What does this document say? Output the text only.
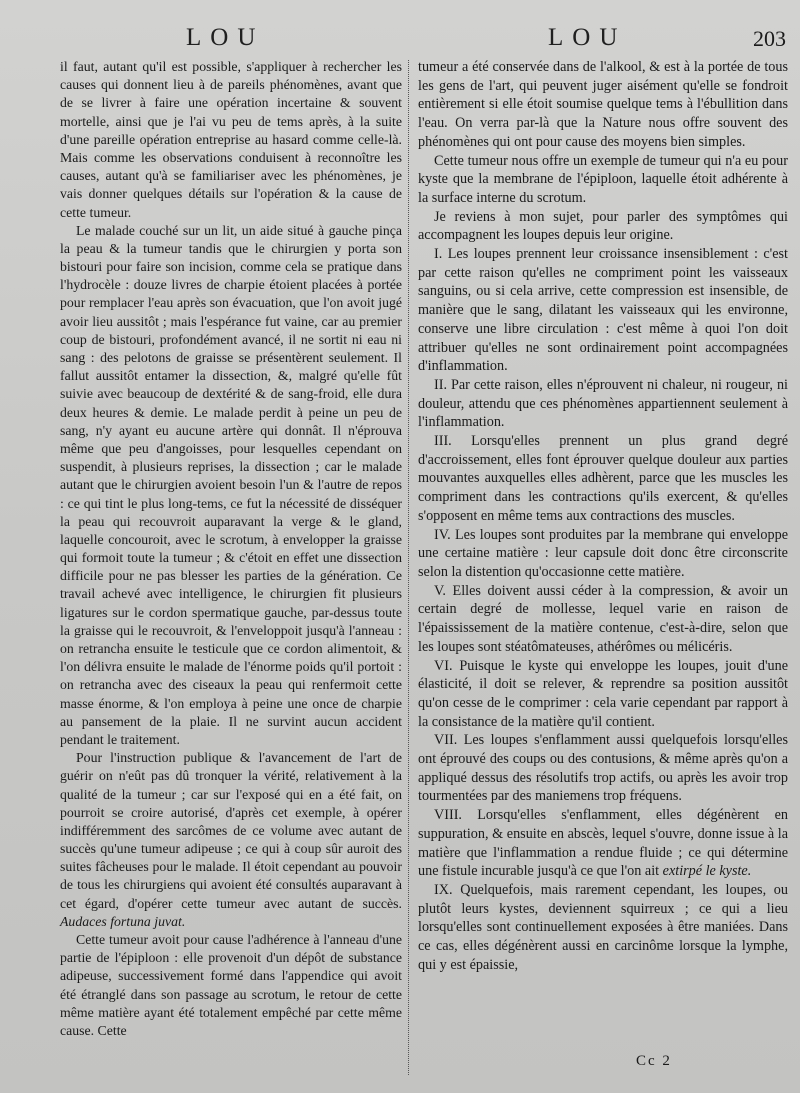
LOU	LOU	203

il faut, autant qu'il est possible, s'appliquer à rechercher les causes qui donnent lieu à de pareils phénomènes, avant que de se livrer à faire une opération incertaine & souvent mortelle, ainsi que je l'ai vu peu de tems après, à la suite d'une pareille opération entreprise au hasard comme celle-là. Mais comme les observations conduisent à reconnoître les causes, autant qu'à se familiariser avec les phénomènes, je vais donner quelques détails sur l'opération & la cause de cette tumeur.

Le malade couché sur un lit, un aide situé à gauche pinça la peau & la tumeur tandis que le chirurgien y porta son bistouri pour faire son incision, comme cela se pratique dans l'hydrocèle : douze livres de charpie étoient placées à portée pour remplacer l'eau après son évacuation, que l'on avoit jugé avoir lieu aussitôt ; mais l'espérance fut vaine, car au premier coup de bistouri, profondément avancé, il ne sortit ni eau ni sang : des pelotons de graisse se présentèrent seulement. Il fallut aussitôt entamer la dissection, &, malgré qu'elle fût suivie avec beaucoup de dextérité & de sang-froid, elle dura deux heures & demie. Le malade perdit à peine un peu de sang, n'y ayant eu aucune artère qui donnât. Il n'éprouva même que peu d'angoisses, pour lesquelles cependant on suspendit, à plusieurs reprises, la dissection ; car le malade autant que le chirurgien avoient besoin l'un & l'autre de repos : ce qui tint le plus long-tems, ce fut la nécessité de disséquer la peau qui recouvroit auparavant la verge & le gland, laquelle concouroit, avec le scrotum, à envelopper la graisse qui formoit toute la tumeur ; & c'étoit en effet une dissection difficile pour ne pas blesser les parties de la génération. Ce travail achevé avec intelligence, le chirurgien fit plusieurs ligatures sur le cordon spermatique gauche, par-dessus toute la graisse qui le recouvroit, & l'enveloppoit jusqu'à l'anneau : on retrancha ensuite le testicule que ce cordon alimentoit, & l'on délivra ensuite le malade de l'énorme poids qu'il portoit : on retrancha avec des ciseaux la peau qui renfermoit cette masse énorme, & l'on employa à peine une once de charpie au pansement de la plaie. Il ne survint aucun accident pendant le traitement.

Pour l'instruction publique & l'avancement de l'art de guérir on n'eût pas dû tronquer la vérité, relativement à la qualité de la tumeur ; car sur l'exposé qui en a été fait, on pourroit se croire autorisé, d'après cet exemple, à opérer indifféremment des sarcômes de ce volume avec autant de succès qu'une tumeur adipeuse ; ce qui à coup sûr auroit des suites fâcheuses pour le malade. Il étoit cependant au pouvoir de tous les chirurgiens qui avoient été consultés auparavant à cet égard, d'opérer cette tumeur avec autant de succès. Audaces fortuna juvat.

Cette tumeur avoit pour cause l'adhérence à l'anneau d'une partie de l'épiploon : elle provenoit d'un dépôt de substance adipeuse, successivement formé dans l'appendice qui avoit été étranglé dans son passage au scrotum, le retour de cette même matière ayant été totalement empêché par cette même cause. Cette

tumeur a été conservée dans de l'alkool, & est à la portée de tous les gens de l'art, qui peuvent juger aisément qu'elle se fondroit entièrement si elle étoit soumise quelque tems à l'ébullition dans l'eau. On verra par-là que la Nature nous offre souvent des phénomènes qui ont pour cause des moyens bien simples.

Cette tumeur nous offre un exemple de tumeur qui n'a eu pour kyste que la membrane de l'épiploon, laquelle étoit adhérente à la surface interne du scrotum.

Je reviens à mon sujet, pour parler des symptômes qui accompagnent les loupes depuis leur origine.

I. Les loupes prennent leur croissance insensiblement : c'est par cette raison qu'elles ne compriment point les vaisseaux sanguins, ou si cela arrive, cette compression est insensible, de manière que le sang, dilatant les vaisseaux qui les environne, conserve une libre circulation : c'est même à quoi l'on doit attribuer qu'elles ne sont ordinairement point accompagnées d'inflammation.

II. Par cette raison, elles n'éprouvent ni chaleur, ni rougeur, ni douleur, attendu que ces phénomènes appartiennent seulement à l'inflammation.

III. Lorsqu'elles prennent un plus grand degré d'accroissement, elles font éprouver quelque douleur aux parties mouvantes auxquelles elles adhèrent, parce que les muscles les compriment dans les contractions qu'ils exercent, & qu'elles s'opposent en même tems aux contractions des muscles.

IV. Les loupes sont produites par la membrane qui enveloppe une certaine matière : leur capsule doit donc être circonscrite selon la distention qu'occasionne cette matière.

V. Elles doivent aussi céder à la compression, & avoir un certain degré de mollesse, lequel varie en raison de l'épaississement de la matière contenue, c'est-à-dire, selon que les loupes sont stéatômateuses, athérômes ou mélicéris.

VI. Puisque le kyste qui enveloppe les loupes, jouit d'une élasticité, il doit se relever, & reprendre sa position aussitôt qu'on cesse de le comprimer : cela varie cependant par rapport à la consistance de la matière qu'il contient.

VII. Les loupes s'enflamment aussi quelquefois lorsqu'elles ont éprouvé des coups ou des contusions, & même après qu'on a appliqué dessus des résolutifs trop actifs, ou après les avoir trop tourmentées par des maniemens trop fréquens.

VIII. Lorsqu'elles s'enflamment, elles dégénèrent en suppuration, & ensuite en abscès, lequel s'ouvre, donne issue à la matière que l'inflammation a rendue fluide ; ce qui détermine une fistule incurable jusqu'à ce que l'on ait extirpé le kyste.

IX. Quelquefois, mais rarement cependant, les loupes, ou plutôt leurs kystes, deviennent squirreux ; ce qui a lieu lorsqu'elles sont continuellement exposées à être maniées. Dans ce cas, elles dégénèrent aussi en carcinôme lorsque la lymphe, qui y est épaissie,

Cc 2
